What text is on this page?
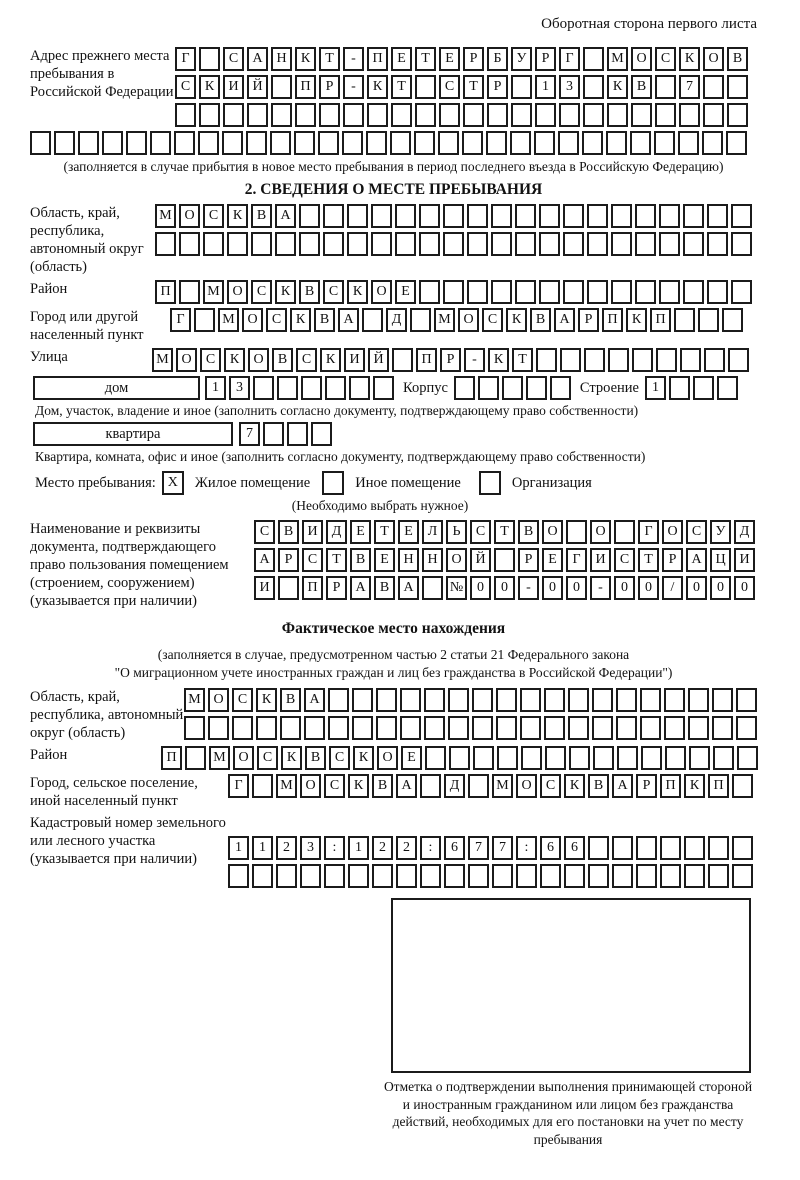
Оборотная сторона первого листа
Адрес прежнего места пребывания в Российской Федерации
Г	С	А Н	К	Т	-	П	Е	Т	Е	Р	Б	У	Р	Г	М О	С	К	О	В
С	К	И Й	П	Р	-	К	Т	С	Т	Р	1	3	К	В	7
(заполняется в случае прибытия в новое место пребывания в период последнего въезда в Российскую Федерацию)
2. СВЕДЕНИЯ О МЕСТЕ ПРЕБЫВАНИЯ
Область, край, республика, автономный округ (область)
М О	С	К	В	А
Район	П	М О	С	К	В	С	К	О	Е
Город или другой населенный пункт
Г	М О	С	К	В	А	Д	М О	С	К	В	А	Р	П	К	П
Улица	М О	С	К	О	В	С	К	И Й	П	Р	-	К	Т
дом	1	3	Корпус	Строение 1
Дом, участок, владение и иное (заполнить согласно документу, подтверждающему право собственности)
квартира	7
Квартира, комната, офис и иное (заполнить согласно документу, подтверждающему право собственности)
Место пребывания: X	Жилое помещение	Иное помещение	Организация
(Необходимо выбрать нужное)
Наименование и реквизиты документа, подтверждающего право пользования помещением (строением, сооружением) (указывается при наличии)
С	В	И	Д	Е	Т	Е	Л	Ь	С	Т	В	О	О	Г	О	С	У	Д
А	Р	С	Т	В	Е	Н Н О Й	Р	Е	Г	И	С	Т	Р	А Ц И
И	П	Р	А	В	А	№ 0	0	-	0	0	-	0	0	/	0	0	0
Фактическое место нахождения
(заполняется в случае, предусмотренном частью 2 статьи 21 Федерального закона
"О миграционном учете иностранных граждан и лиц без гражданства в Российской Федерации")
Область, край, республика, автономный округ (область)
М О	С	К	В	А
Район	П	М О	С	К	В	С	К	О	Е
Город, сельское поселение, иной населенный пункт
Г	М О	С	К	В	А	Д	М О	С	К	В	А	Р	П	К	П
Кадастровый номер земельного или лесного участка (указывается при наличии)
1	1	2	3	:	1	2	2	:	6	7	7	:	6	6
Отметка о подтверждении выполнения принимающей стороной и иностранным гражданином или лицом без гражданства действий, необходимых для его постановки на учет по месту пребывания
